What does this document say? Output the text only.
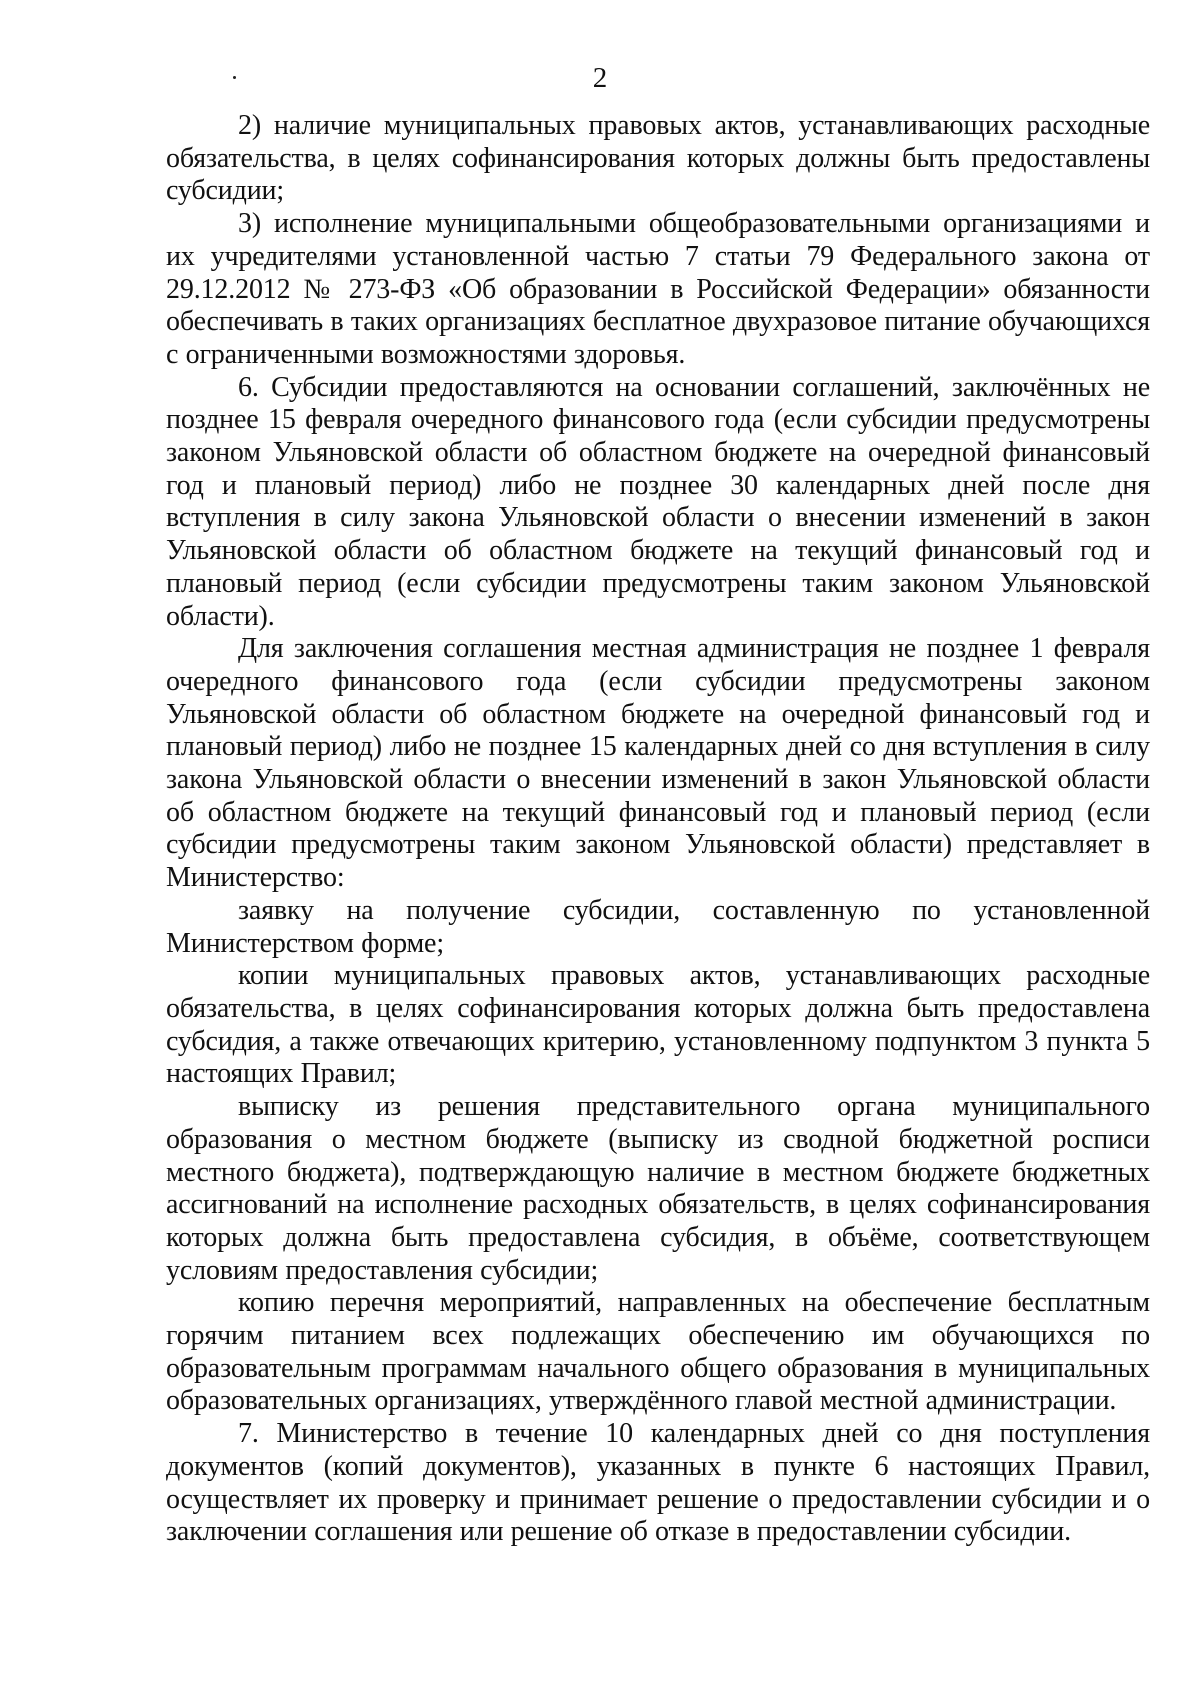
2

2) наличие муниципальных правовых актов, устанавливающих расходные обязательства, в целях софинансирования которых должны быть предоставлены субсидии;

3) исполнение муниципальными общеобразовательными организациями и их учредителями установленной частью 7 статьи 79 Федерального закона от 29.12.2012 № 273-ФЗ «Об образовании в Российской Федерации» обязанности обеспечивать в таких организациях бесплатное двухразовое питание обучающихся с ограниченными возможностями здоровья.

6. Субсидии предоставляются на основании соглашений, заключённых не позднее 15 февраля очередного финансового года (если субсидии предусмотрены законом Ульяновской области об областном бюджете на очередной финансовый год и плановый период) либо не позднее 30 календарных дней после дня вступления в силу закона Ульяновской области о внесении изменений в закон Ульяновской области об областном бюджете на текущий финансовый год и плановый период (если субсидии предусмотрены таким законом Ульяновской области).

Для заключения соглашения местная администрация не позднее 1 февраля очередного финансового года (если субсидии предусмотрены законом Ульяновской области об областном бюджете на очередной финансовый год и плановый период) либо не позднее 15 календарных дней со дня вступления в силу закона Ульяновской области о внесении изменений в закон Ульяновской области об областном бюджете на текущий финансовый год и плановый период (если субсидии предусмотрены таким законом Ульяновской области) представляет в Министерство:

заявку на получение субсидии, составленную по установленной Министерством форме;

копии муниципальных правовых актов, устанавливающих расходные обязательства, в целях софинансирования которых должна быть предоставлена субсидия, а также отвечающих критерию, установленному подпунктом 3 пункта 5 настоящих Правил;

выписку из решения представительного органа муниципального образования о местном бюджете (выписку из сводной бюджетной росписи местного бюджета), подтверждающую наличие в местном бюджете бюджетных ассигнований на исполнение расходных обязательств, в целях софинансирования которых должна быть предоставлена субсидия, в объёме, соответствующем условиям предоставления субсидии;

копию перечня мероприятий, направленных на обеспечение бесплатным горячим питанием всех подлежащих обеспечению им обучающихся по образовательным программам начального общего образования в муниципальных образовательных организациях, утверждённого главой местной администрации.

7. Министерство в течение 10 календарных дней со дня поступления документов (копий документов), указанных в пункте 6 настоящих Правил, осуществляет их проверку и принимает решение о предоставлении субсидии и о заключении соглашения или решение об отказе в предоставлении субсидии.
